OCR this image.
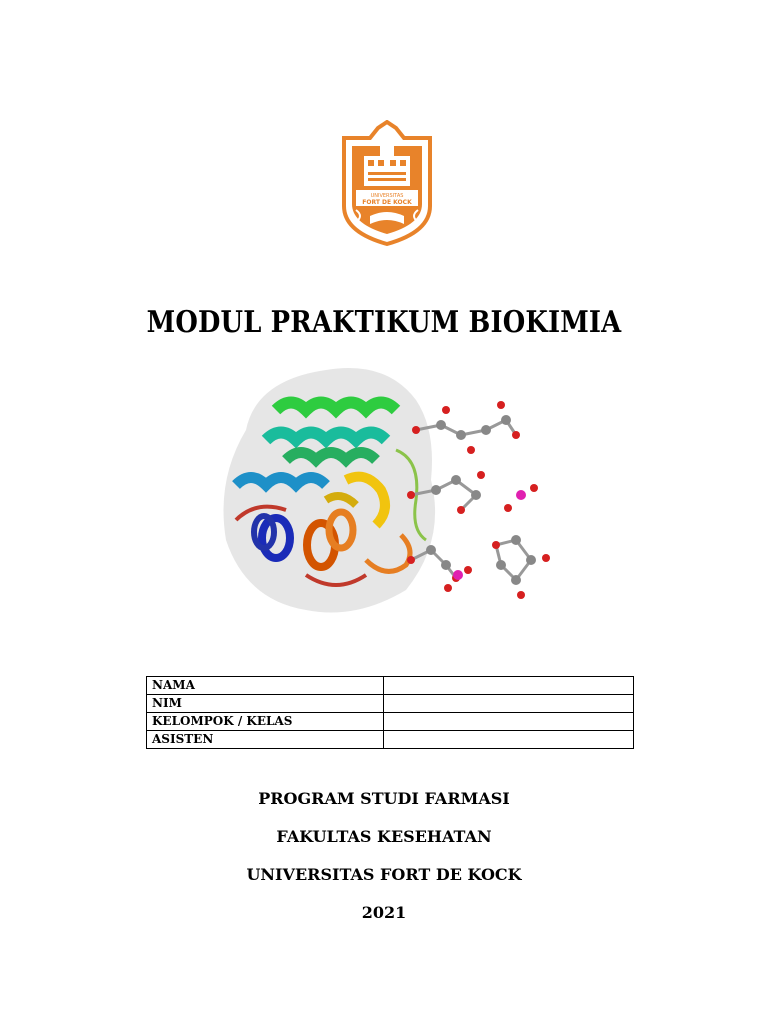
UNIVERSITAS
FORT DE KOCK
MODUL PRAKTIKUM BIOKIMIA
NAMA	
NIM	
KELOMPOK / KELAS	
ASISTEN	
PROGRAM STUDI FARMASI
FAKULTAS KESEHATAN
UNIVERSITAS FORT DE KOCK
2021
